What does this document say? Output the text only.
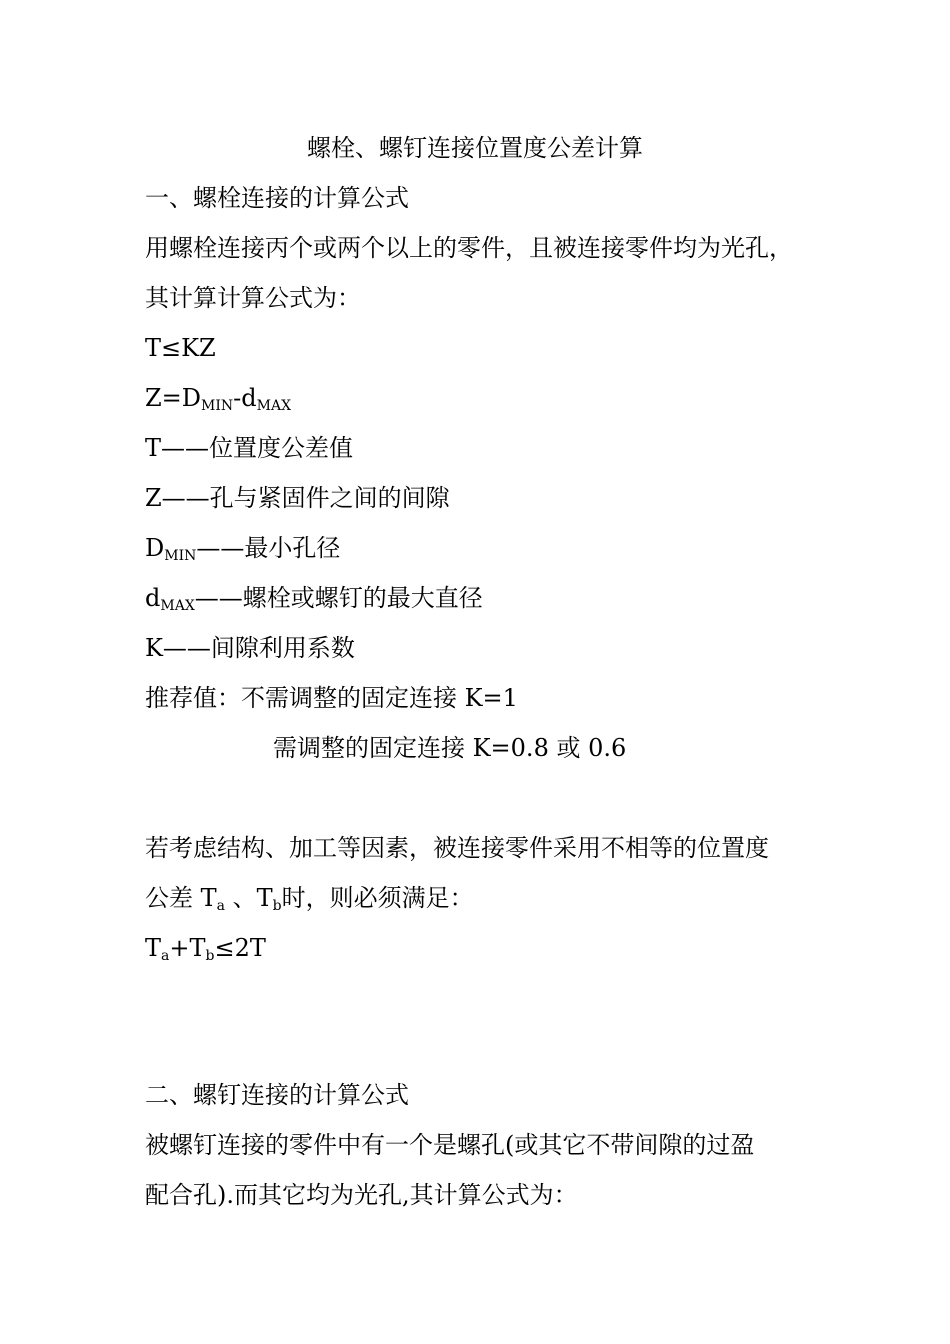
螺栓、螺钉连接位置度公差计算
一、螺栓连接的计算公式
用螺栓连接丙个或两个以上的零件，且被连接零件均为光孔，
其计算计算公式为：
T≤KZ
$Z=D_{MIN}-d_{MAX}$
T——位置度公差值
Z——孔与紧固件之间的间隙
$D_{MIN}——$最小孔径
$d_{MAX}——$螺栓或螺钉的最大直径
K——间隙利用系数
推荐值：不需调整的固定连接 K=1
需调整的固定连接 K=0.8 或 0.6
若考虑结构、加工等因素，被连接零件采用不相等的位置度
公差 $T_a$ 、$T_b$时，则必须满足：
$T_a+T_b\le 2T$
二、螺钉连接的计算公式
被螺钉连接的零件中有一个是螺孔(或其它不带间隙的过盈
配合孔).而其它均为光孔,其计算公式为：
